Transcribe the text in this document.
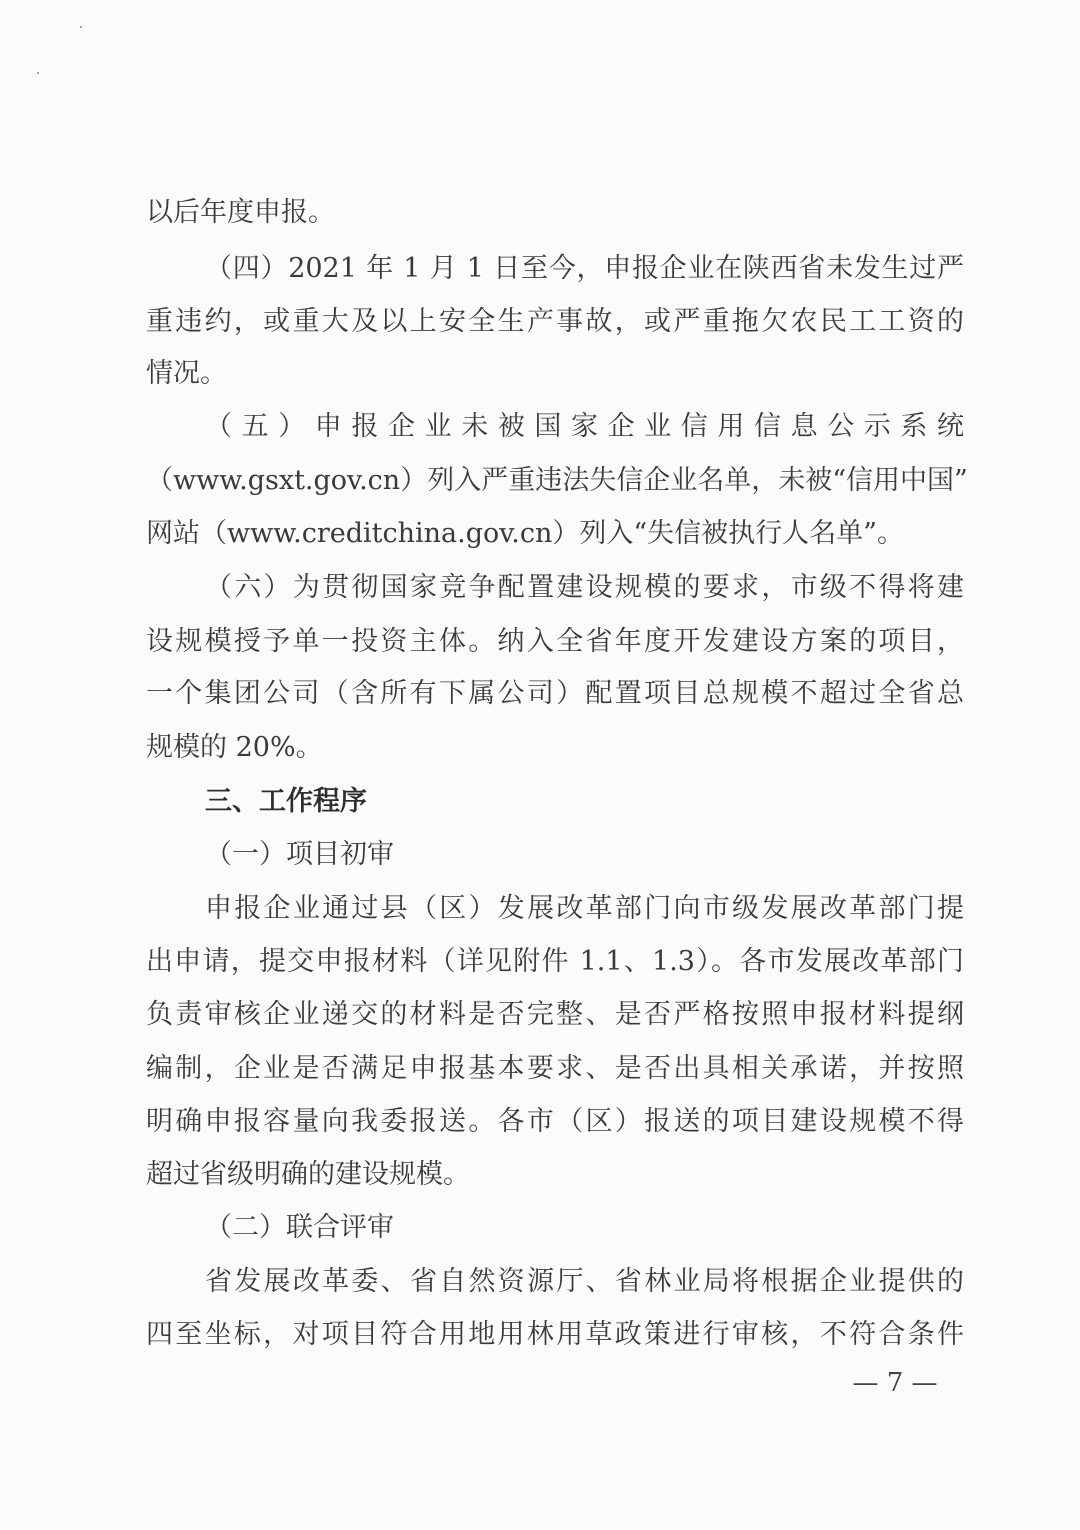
以后年度申报。
（四）2021 年 1 月 1 日至今，申报企业在陕西省未发生过严
重违约，或重大及以上安全生产事故，或严重拖欠农民工工资的
情况。
（五）申报企业未被国家企业信用信息公示系统
（www.gsxt.gov.cn）列入严重违法失信企业名单，未被“信用中国”
网站（www.creditchina.gov.cn）列入“失信被执行人名单”。
（六）为贯彻国家竞争配置建设规模的要求，市级不得将建
设规模授予单一投资主体。纳入全省年度开发建设方案的项目，
一个集团公司（含所有下属公司）配置项目总规模不超过全省总
规模的 20%。
三、工作程序
（一）项目初审
申报企业通过县（区）发展改革部门向市级发展改革部门提
出申请，提交申报材料（详见附件 1.1、1.3）。各市发展改革部门
负责审核企业递交的材料是否完整、是否严格按照申报材料提纲
编制，企业是否满足申报基本要求、是否出具相关承诺，并按照
明确申报容量向我委报送。各市（区）报送的项目建设规模不得
超过省级明确的建设规模。
（二）联合评审
省发展改革委、省自然资源厅、省林业局将根据企业提供的
四至坐标，对项目符合用地用林用草政策进行审核，不符合条件
— 7 —
